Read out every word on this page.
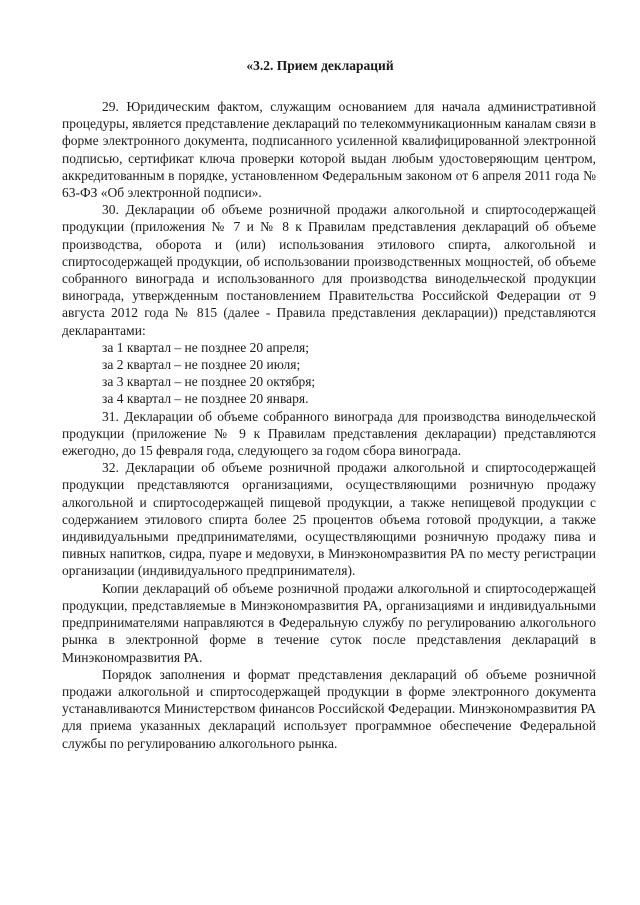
«3.2. Прием деклараций

29. Юридическим фактом, служащим основанием для начала административной процедуры, является представление деклараций по телекоммуникационным каналам связи в форме электронного документа, подписанного усиленной квалифицированной электронной подписью, сертификат ключа проверки которой выдан любым удостоверяющим центром, аккредитованным в порядке, установленном Федеральным законом от 6 апреля 2011 года № 63-ФЗ «Об электронной подписи».

30. Декларации об объеме розничной продажи алкогольной и спиртосодержащей продукции (приложения № 7 и № 8 к Правилам представления деклараций об объеме производства, оборота и (или) использования этилового спирта, алкогольной и спиртосодержащей продукции, об использовании производственных мощностей, об объеме собранного винограда и использованного для производства винодельческой продукции винограда, утвержденным постановлением Правительства Российской Федерации от 9 августа 2012 года № 815 (далее - Правила представления декларации)) представляются декларантами:

за 1 квартал – не позднее 20 апреля;

за 2 квартал – не позднее 20 июля;

за 3 квартал – не позднее 20 октября;

за 4 квартал – не позднее 20 января.

31. Декларации об объеме собранного винограда для производства винодельческой продукции (приложение № 9 к Правилам представления декларации) представляются ежегодно, до 15 февраля года, следующего за годом сбора винограда.

32. Декларации об объеме розничной продажи алкогольной и спиртосодержащей продукции представляются организациями, осуществляющими розничную продажу алкогольной и спиртосодержащей пищевой продукции, а также непищевой продукции с содержанием этилового спирта более 25 процентов объема готовой продукции, а также индивидуальными предпринимателями, осуществляющими розничную продажу пива и пивных напитков, сидра, пуаре и медовухи, в Минэкономразвития РА по месту регистрации организации (индивидуального предпринимателя).

Копии деклараций об объеме розничной продажи алкогольной и спиртосодержащей продукции, представляемые в Минэкономразвития РА, организациями и индивидуальными предпринимателями направляются в Федеральную службу по регулированию алкогольного рынка в электронной форме в течение суток после представления деклараций в Минэкономразвития РА.

Порядок заполнения и формат представления деклараций об объеме розничной продажи алкогольной и спиртосодержащей продукции в форме электронного документа устанавливаются Министерством финансов Российской Федерации. Минэкономразвития РА для приема указанных деклараций использует программное обеспечение Федеральной службы по регулированию алкогольного рынка.
